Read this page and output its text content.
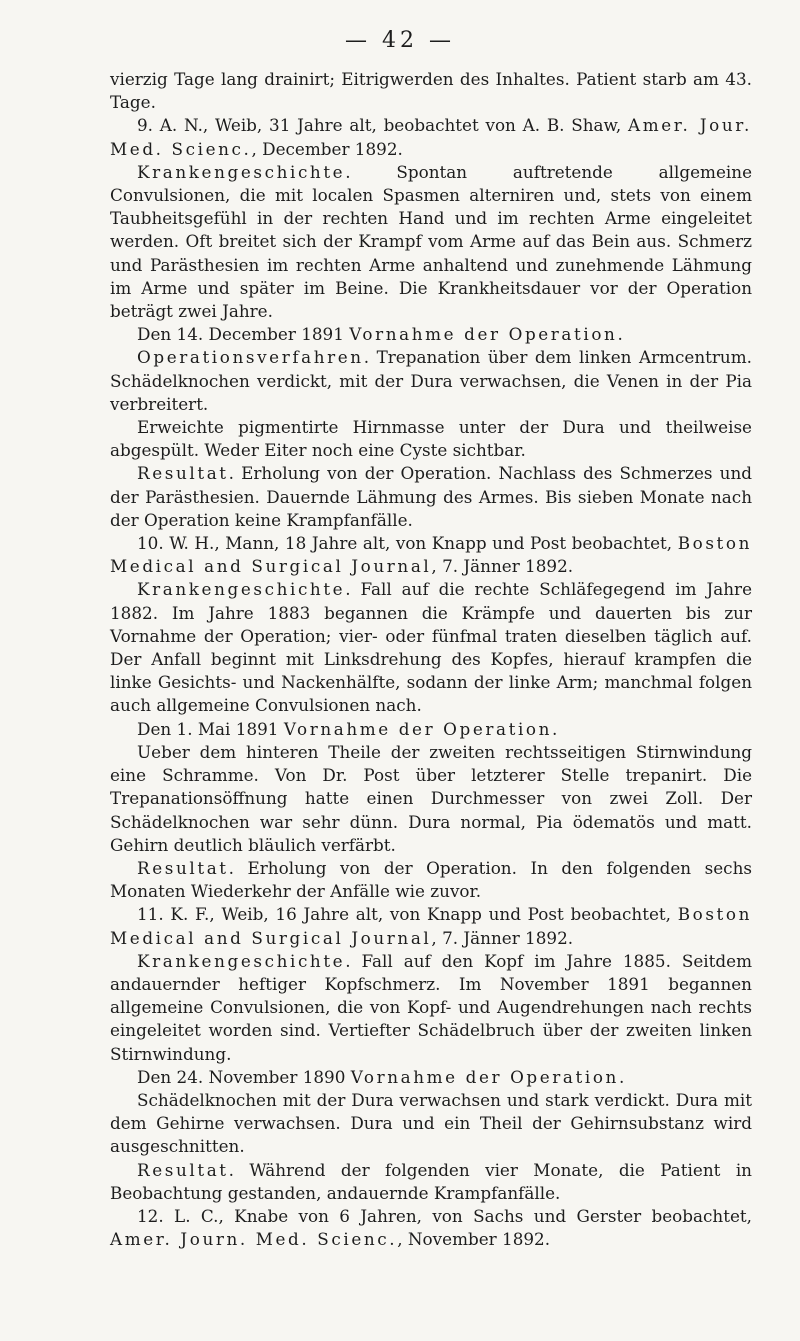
— 42 —

vierzig Tage lang drainirt; Eitrigwerden des Inhaltes. Patient starb am 43. Tage.

9. A. N., Weib, 31 Jahre alt, beobachtet von A. B. Shaw, Amer. Jour. Med. Scienc., December 1892.

Krankengeschichte. Spontan auftretende allgemeine Convulsionen, die mit localen Spasmen alterniren und, stets von einem Taubheitsgefühl in der rechten Hand und im rechten Arme eingeleitet werden. Oft breitet sich der Krampf vom Arme auf das Bein aus. Schmerz und Parästhesien im rechten Arme anhaltend und zunehmende Lähmung im Arme und später im Beine. Die Krankheitsdauer vor der Operation beträgt zwei Jahre.

Den 14. December 1891 Vornahme der Operation.

Operationsverfahren. Trepanation über dem linken Armcentrum. Schädelknochen verdickt, mit der Dura verwachsen, die Venen in der Pia verbreitert.

Erweichte pigmentirte Hirnmasse unter der Dura und theilweise abgespült. Weder Eiter noch eine Cyste sichtbar.

Resultat. Erholung von der Operation. Nachlass des Schmerzes und der Parästhesien. Dauernde Lähmung des Armes. Bis sieben Monate nach der Operation keine Krampfanfälle.

10. W. H., Mann, 18 Jahre alt, von Knapp und Post beobachtet, Boston Medical and Surgical Journal, 7. Jänner 1892.

Krankengeschichte. Fall auf die rechte Schläfegegend im Jahre 1882. Im Jahre 1883 begannen die Krämpfe und dauerten bis zur Vornahme der Operation; vier- oder fünfmal traten dieselben täglich auf. Der Anfall beginnt mit Linksdrehung des Kopfes, hierauf krampfen die linke Gesichts- und Nackenhälfte, sodann der linke Arm; manchmal folgen auch allgemeine Convulsionen nach.

Den 1. Mai 1891 Vornahme der Operation.

Ueber dem hinteren Theile der zweiten rechtsseitigen Stirnwindung eine Schramme. Von Dr. Post über letzterer Stelle trepanirt. Die Trepanationsöffnung hatte einen Durchmesser von zwei Zoll. Der Schädelknochen war sehr dünn. Dura normal, Pia ödematös und matt. Gehirn deutlich bläulich verfärbt.

Resultat. Erholung von der Operation. In den folgenden sechs Monaten Wiederkehr der Anfälle wie zuvor.

11. K. F., Weib, 16 Jahre alt, von Knapp und Post beobachtet, Boston Medical and Surgical Journal, 7. Jänner 1892.

Krankengeschichte. Fall auf den Kopf im Jahre 1885. Seitdem andauernder heftiger Kopfschmerz. Im November 1891 begannen allgemeine Convulsionen, die von Kopf- und Augendrehungen nach rechts eingeleitet worden sind. Vertiefter Schädelbruch über der zweiten linken Stirnwindung.

Den 24. November 1890 Vornahme der Operation.

Schädelknochen mit der Dura verwachsen und stark verdickt. Dura mit dem Gehirne verwachsen. Dura und ein Theil der Gehirnsubstanz wird ausgeschnitten.

Resultat. Während der folgenden vier Monate, die Patient in Beobachtung gestanden, andauernde Krampfanfälle.

12. L. C., Knabe von 6 Jahren, von Sachs und Gerster beobachtet, Amer. Journ. Med. Scienc., November 1892.
